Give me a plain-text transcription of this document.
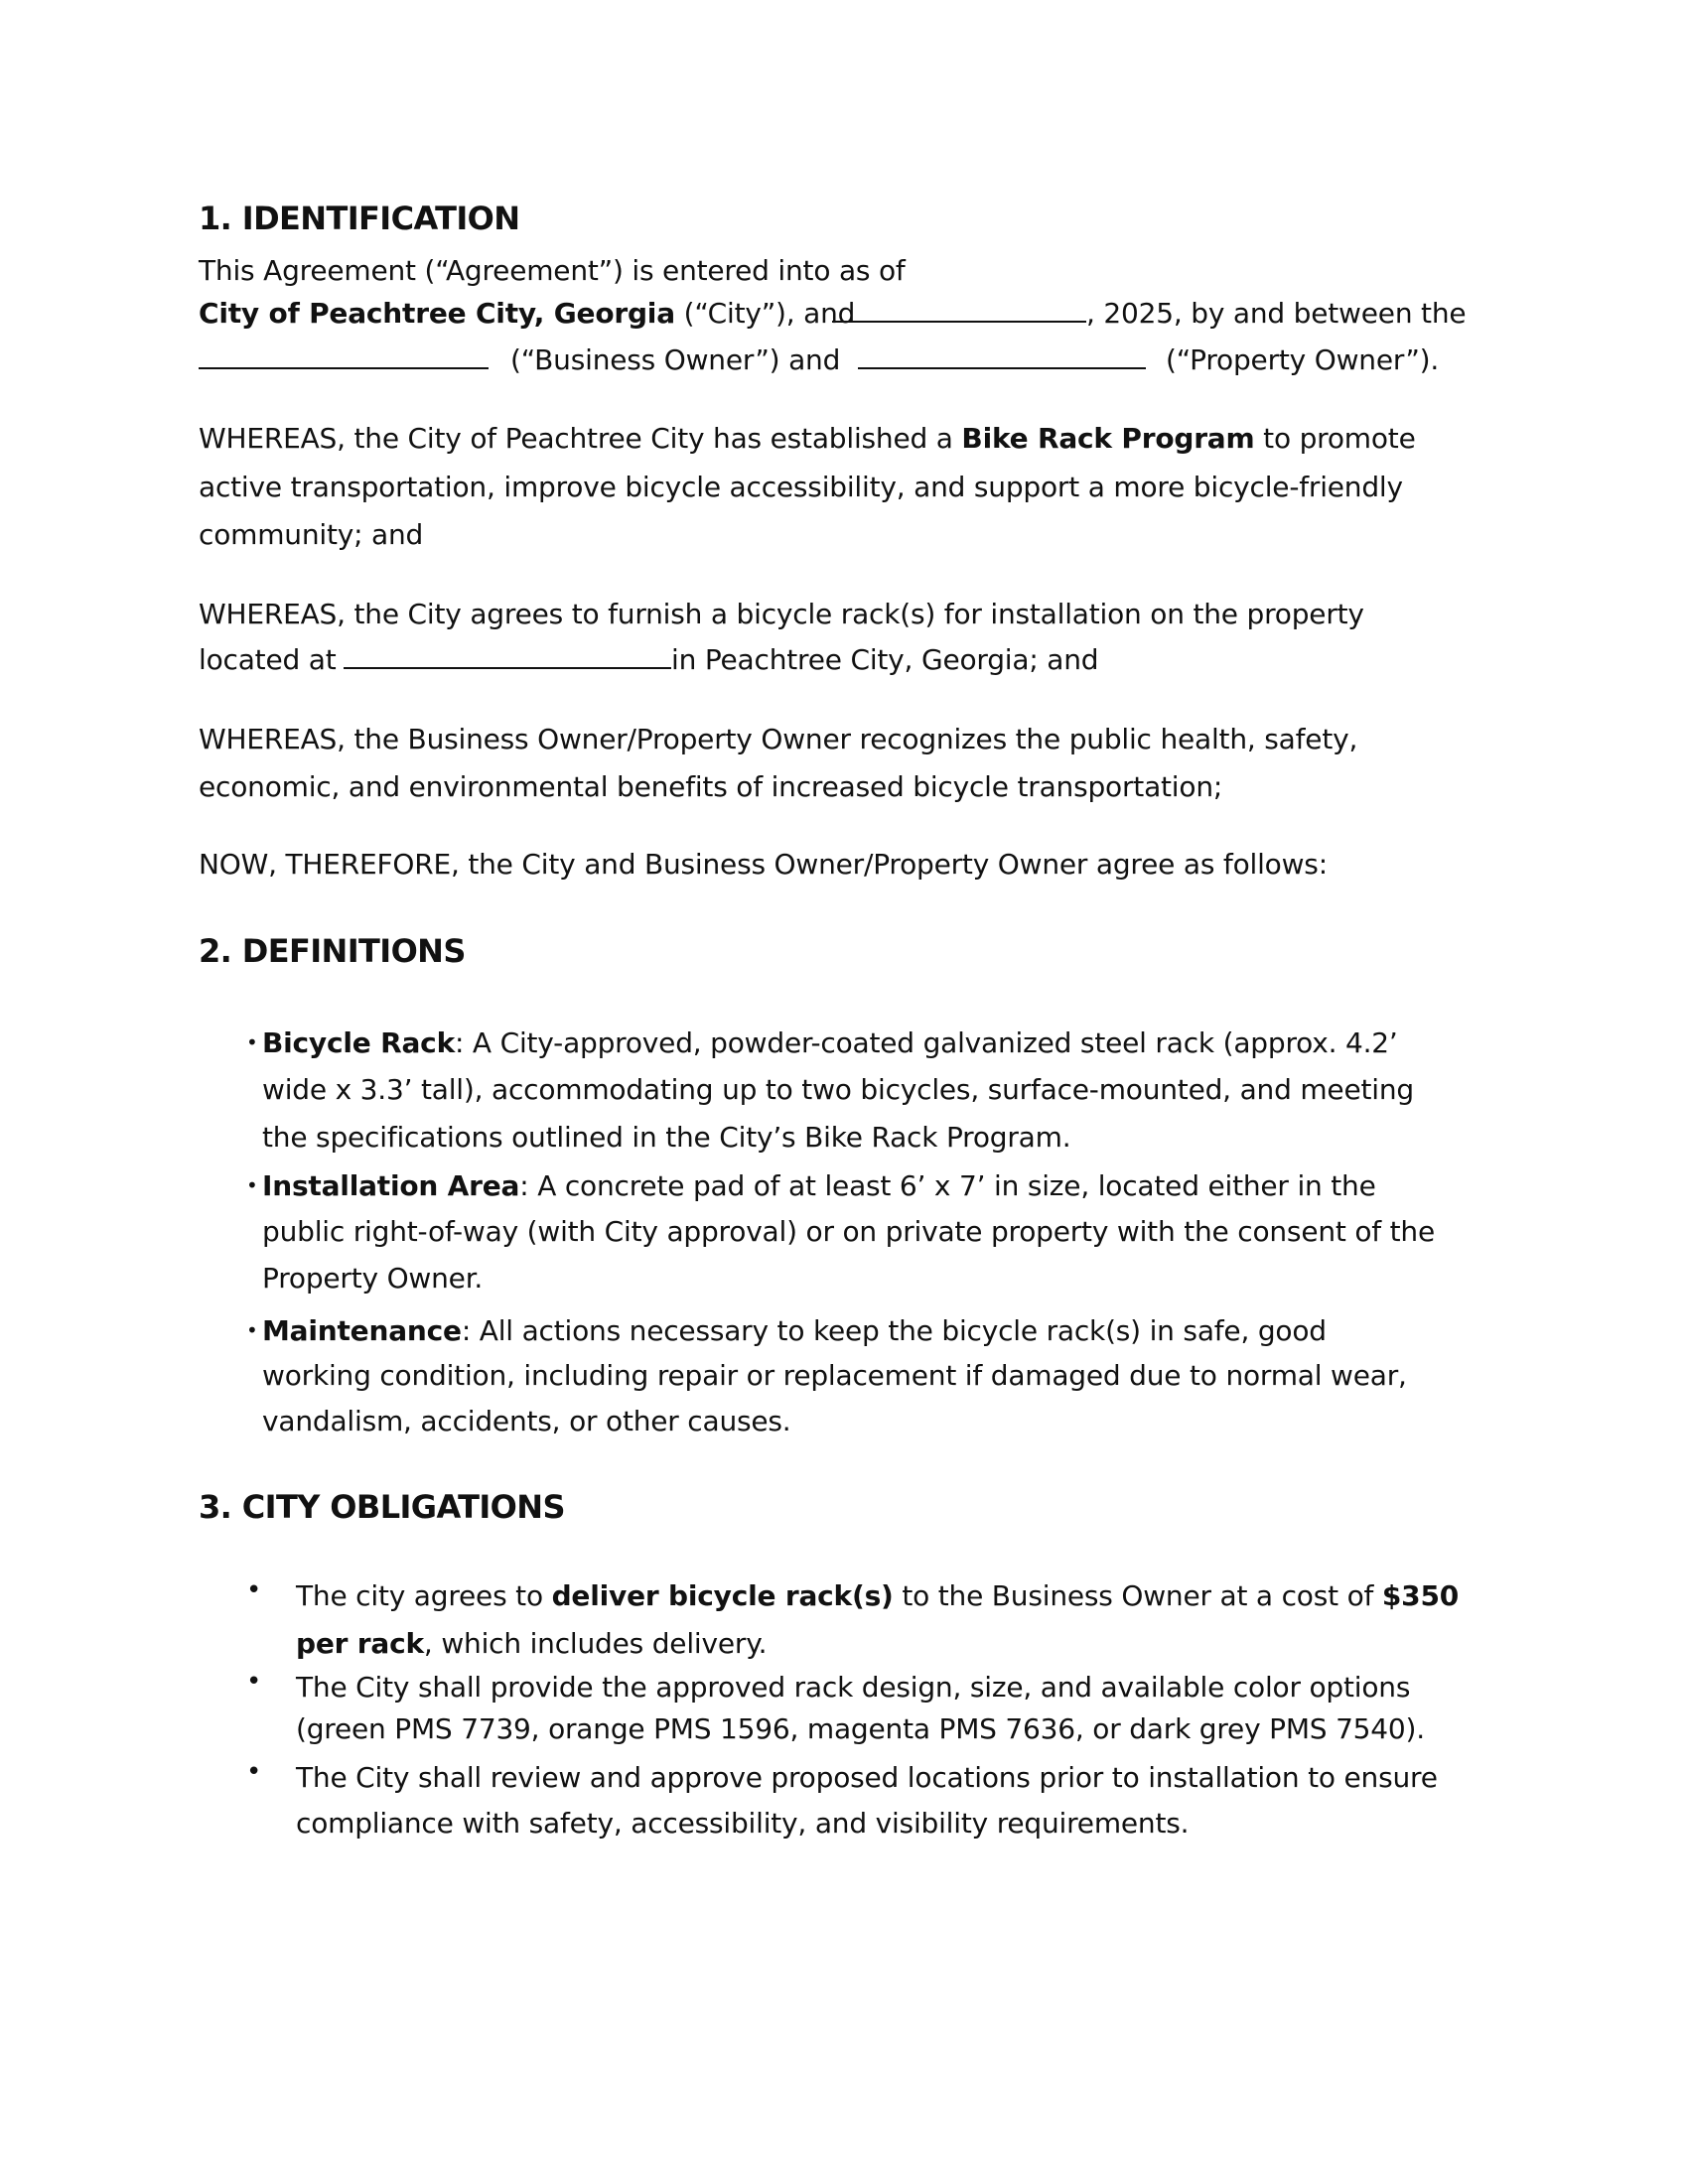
1. IDENTIFICATION
This Agreement (“Agreement”) is entered into as of
City of Peachtree City, Georgia (“City”), and	, 2025, by and between the
(“Business Owner”) and	(“Property Owner”).
WHEREAS, the City of Peachtree City has established a Bike Rack Program to promote
active transportation, improve bicycle accessibility, and support a more bicycle-friendly
community; and
WHEREAS, the City agrees to furnish a bicycle rack(s) for installation on the property
located at	in Peachtree City, Georgia; and
WHEREAS, the Business Owner/Property Owner recognizes the public health, safety,
economic, and environmental benefits of increased bicycle transportation;
NOW, THEREFORE, the City and Business Owner/Property Owner agree as follows:
2. DEFINITIONS
• Bicycle Rack: A City-approved, powder-coated galvanized steel rack (approx. 4.2’
wide x 3.3’ tall), accommodating up to two bicycles, surface-mounted, and meeting
the specifications outlined in the City’s Bike Rack Program.
• Installation Area: A concrete pad of at least 6’ x 7’ in size, located either in the
public right-of-way (with City approval) or on private property with the consent of the
Property Owner.
• Maintenance: All actions necessary to keep the bicycle rack(s) in safe, good
working condition, including repair or replacement if damaged due to normal wear,
vandalism, accidents, or other causes.
3. CITY OBLIGATIONS
• The city agrees to deliver bicycle rack(s) to the Business Owner at a cost of $350
per rack, which includes delivery.
• The City shall provide the approved rack design, size, and available color options
(green PMS 7739, orange PMS 1596, magenta PMS 7636, or dark grey PMS 7540).
• The City shall review and approve proposed locations prior to installation to ensure
compliance with safety, accessibility, and visibility requirements.
